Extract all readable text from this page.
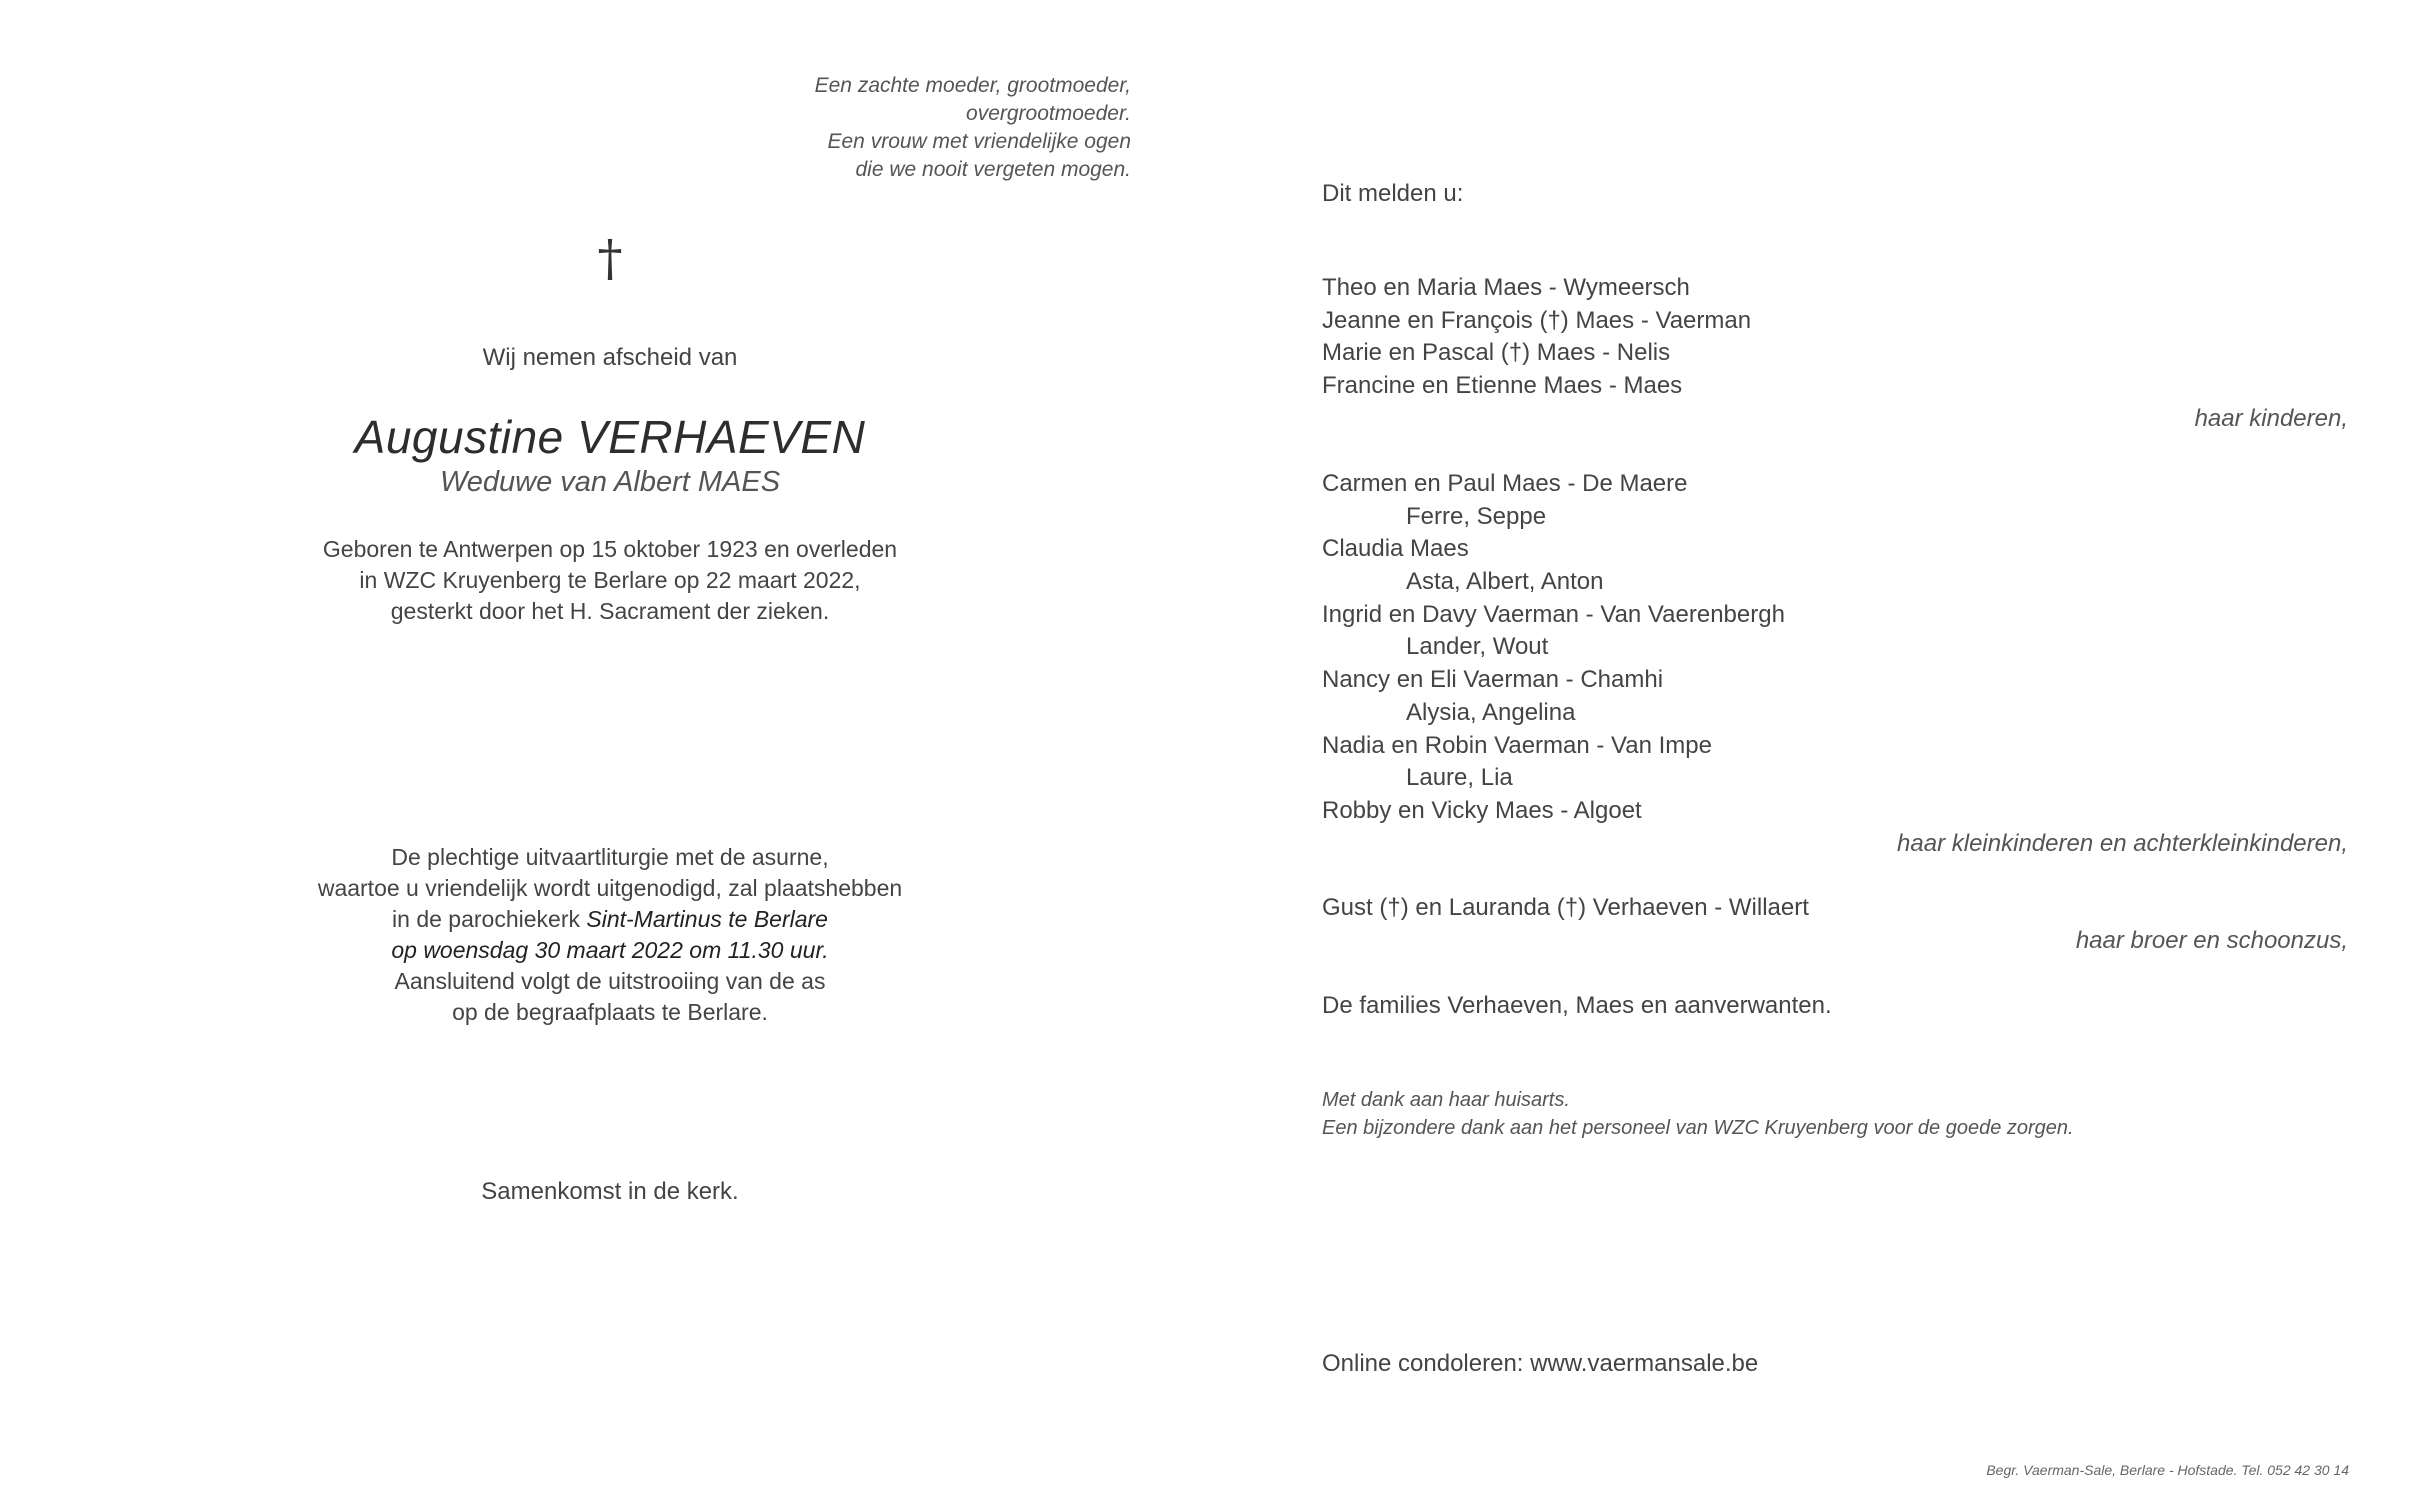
Een zachte moeder, grootmoeder,
overgrootmoeder.
Een vrouw met vriendelijke ogen
die we nooit vergeten mogen.
†
Wij nemen afscheid van
Augustine VERHAEVEN
Weduwe van Albert MAES
Geboren te Antwerpen op 15 oktober 1923 en overleden
in WZC Kruyenberg te Berlare op 22 maart 2022,
gesterkt door het H. Sacrament der zieken.
De plechtige uitvaartliturgie met de asurne,
waartoe u vriendelijk wordt uitgenodigd, zal plaatshebben
in de parochiekerk Sint-Martinus te Berlare
op woensdag 30 maart 2022 om 11.30 uur.
Aansluitend volgt de uitstrooiing van de as
op de begraafplaats te Berlare.
Samenkomst in de kerk.
Dit melden u:
Theo en Maria Maes - Wymeersch
Jeanne en François (†) Maes - Vaerman
Marie en Pascal (†) Maes - Nelis
Francine en Etienne Maes - Maes
haar kinderen,
Carmen en Paul Maes - De Maere
Ferre, Seppe
Claudia Maes
Asta, Albert, Anton
Ingrid en Davy Vaerman - Van Vaerenbergh
Lander, Wout
Nancy en Eli Vaerman - Chamhi
Alysia, Angelina
Nadia en Robin Vaerman - Van Impe
Laure, Lia
Robby en Vicky Maes - Algoet
haar kleinkinderen en achterkleinkinderen,
Gust (†) en Lauranda (†) Verhaeven - Willaert
haar broer en schoonzus,
De families Verhaeven, Maes en aanverwanten.
Met dank aan haar huisarts.
Een bijzondere dank aan het personeel van WZC Kruyenberg voor de goede zorgen.
Online condoleren: www.vaermansale.be
Begr. Vaerman-Sale, Berlare - Hofstade. Tel. 052 42 30 14
